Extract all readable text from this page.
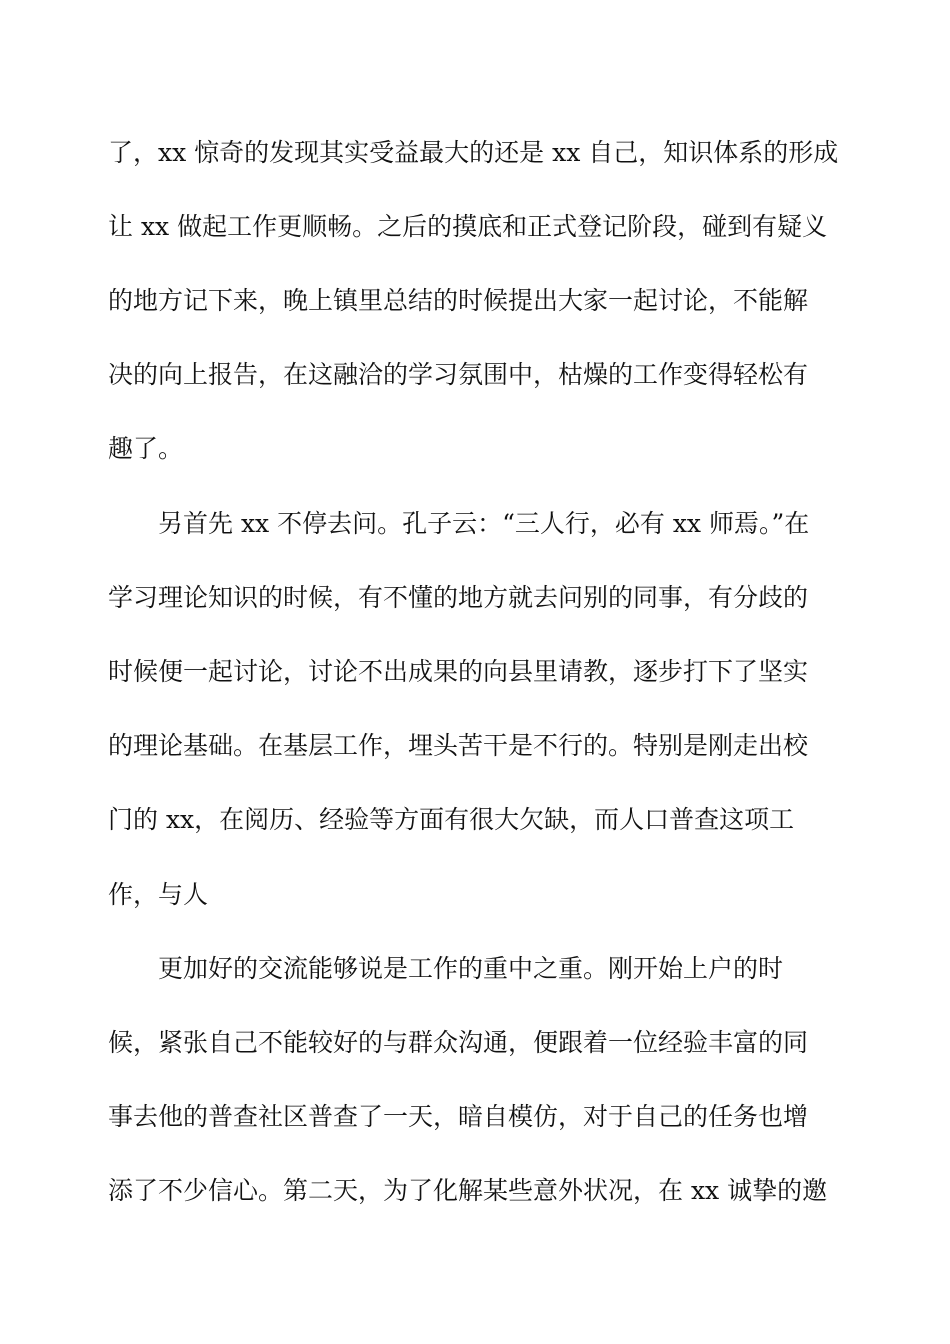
了，xx 惊奇的发现其实受益最大的还是 xx 自己，知识体系的形成
让 xx 做起工作更顺畅。之后的摸底和正式登记阶段，碰到有疑义
的地方记下来，晚上镇里总结的时候提出大家一起讨论，不能解
决的向上报告，在这融洽的学习氛围中，枯燥的工作变得轻松有
趣了。
另首先 xx 不停去问。孔子云：“三人行，必有 xx 师焉。”在
学习理论知识的时候，有不懂的地方就去问别的同事，有分歧的
时候便一起讨论，讨论不出成果的向县里请教，逐步打下了坚实
的理论基础。在基层工作，埋头苦干是不行的。特别是刚走出校
门的 xx，在阅历、经验等方面有很大欠缺，而人口普查这项工
作，与人
更加好的交流能够说是工作的重中之重。刚开始上户的时
候，紧张自己不能较好的与群众沟通，便跟着一位经验丰富的同
事去他的普查社区普查了一天，暗自模仿，对于自己的任务也增
添了不少信心。第二天，为了化解某些意外状况，在 xx 诚挚的邀
